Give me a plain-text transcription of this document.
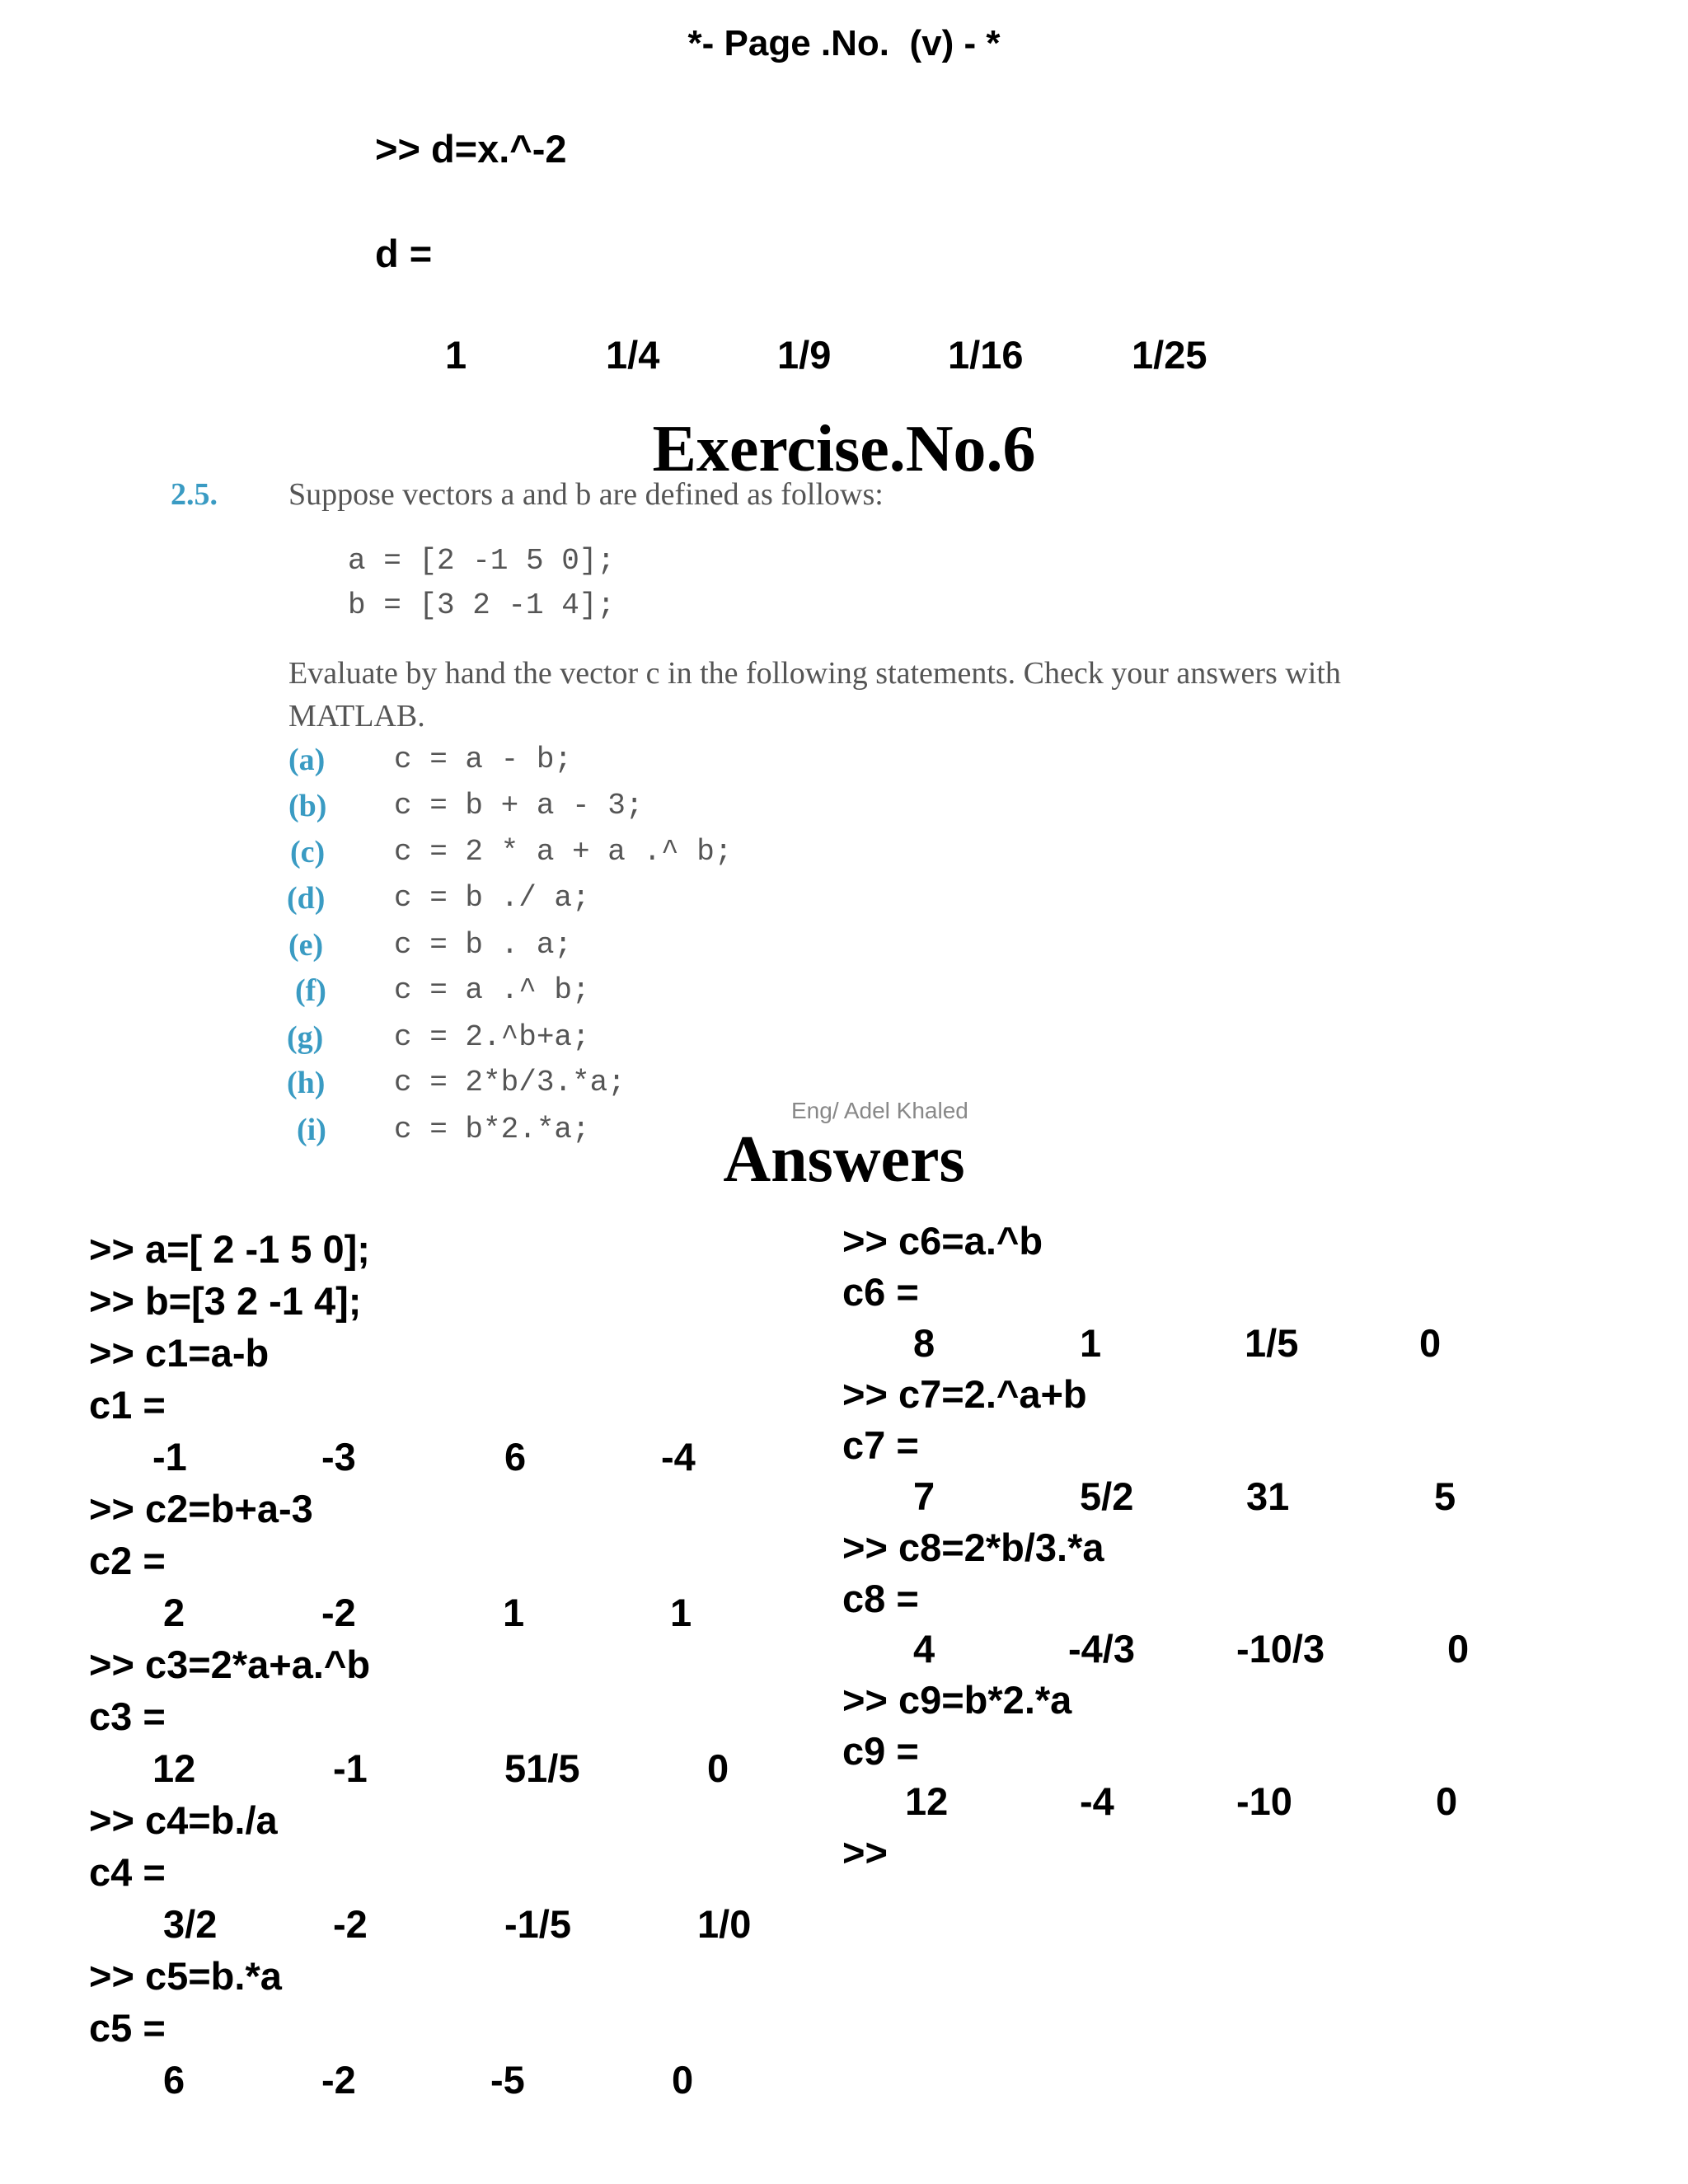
*- Page .No.  (v) - *
>> d=x.^-2
d =
1	1/4	1/9	1/16	1/25
2.5. Suppose vectors a and b are defined as follows:
a = [2 -1 5 0];
b = [3 2 -1 4];
Exercise.No.6
Evaluate by hand the vector c in the following statements. Check your answers with
MATLAB.
(a) c = a - b;
(b) c = b + a - 3;
(c) c = 2 * a + a .^ b;
(d) c = b ./ a;
(e) c = b . a;
(f) c = a .^ b;
(g) c = 2.^b+a;
(h) c = 2*b/3.*a;
(i) c = b*2.*a;
Eng/ Adel Khaled
Answers
>> a=[ 2 -1 5 0];
>> b=[3 2 -1 4];
>> c1=a-b
c1 =
-1	-3	6	-4
>> c2=b+a-3
c2 =
2	-2	1	1
>> c3=2*a+a.^b
c3 =
12	-1	51/5	0
>> c4=b./a
c4 =
3/2	-2	-1/5	1/0
>> c5=b.*a
c5 =
6	-2	-5	0
>> c6=a.^b
c6 =
8	1	1/5	0
>> c7=2.^a+b
c7 =
7	5/2	31	5
>> c8=2*b/3.*a
c8 =
4	-4/3	-10/3	0
>> c9=b*2.*a
c9 =
12	-4	-10	0
>>
